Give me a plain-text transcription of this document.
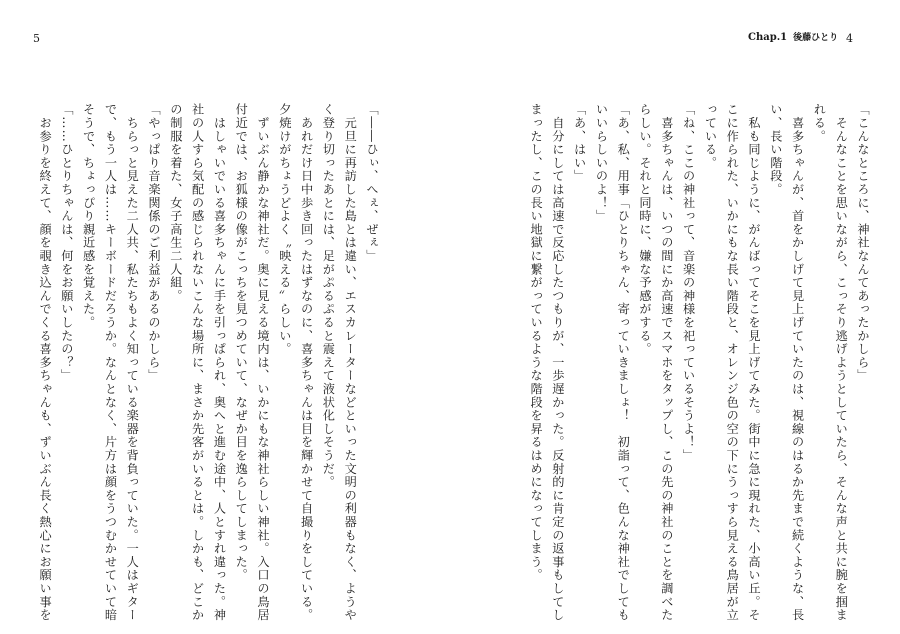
5	Chap.1 後藤ひとり 4

「こんなところに、神社なんてあったかしら」

　そんなことを思いながら、こっそり逃げようとしていたら、そんな声と共に腕を掴ま

れる。

　喜多ちゃんが、首をかしげて見上げていたのは、視線のはるか先まで続くような、長

い、長い階段。

　私も同じように、がんばってそこを見上げてみた。街中に急に現れた、小高い丘。そ

こに作られた、いかにもな長い階段と、オレンジ色の空の下にうっすら見える鳥居が立

っている。

「ね、ここの神社って、音楽の神様を祀っているそうよ！」

　喜多ちゃんは、いつの間にか高速でスマホをタップし、この先の神社のことを調べた

らしい。それと同時に、嫌な予感がする。

「あ、私、用事「ひとりちゃん、寄っていきましょ！　初詣って、色んな神社でしても

いいらしいのよ！」

「あ、はい」

　自分にしては高速で反応したつもりが、一歩遅かった。反射的に肯定の返事もしてし

まったし、この長い地獄に繋がっているような階段を昇るはめになってしまう。

「――ひぃ、へぇ、ぜぇ」

　元旦に再訪した島とは違い、エスカレーターなどといった文明の利器もなく、ようや

く登り切ったあとには、足がぷるぷると震えて液状化しそうだ。

　あれだけ日中歩き回ったはずなのに、喜多ちゃんは目を輝かせて自撮りをしている。

夕焼けがちょうどよく〝映える〟らしい。

　ずいぶん静かな神社だ。奥に見える境内は、いかにもな神社らしい神社。入口の鳥居

付近では、お狐様の像がこっちを見つめていて、なぜか目を逸らしてしまった。

　はしゃいでいる喜多ちゃんに手を引っぱられ、奥へと進む途中、人とすれ違った。神

社の人すら気配の感じられないこんな場所に、まさか先客がいるとは。しかも、どこか

の制服を着た、女子高生二人組。

「やっぱり音楽関係のご利益があるのかしら」

　ちらっと見えた二人共、私たちもよく知っている楽器を背負っていた。一人はギター

で、もう一人は……キーボードだろうか。なんとなく、片方は顔をうつむかせていて暗

そうで、ちょっぴり親近感を覚えた。

「……ひとりちゃんは、何をお願いしたの？」

　お参りを終えて、顔を覗き込んでくる喜多ちゃんも、ずいぶん長く熱心にお願い事を
